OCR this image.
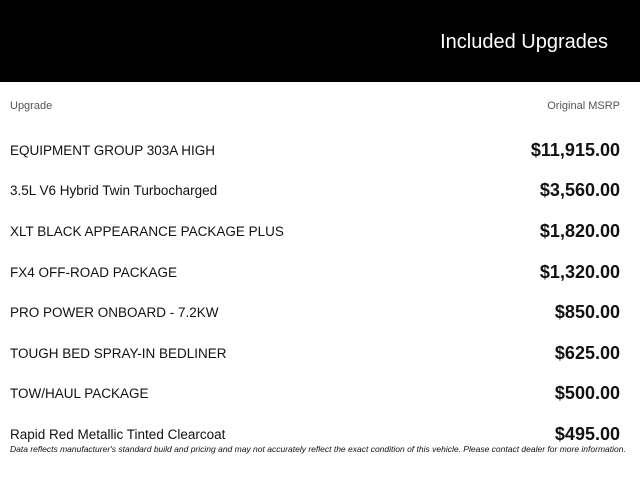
Included Upgrades
Upgrade	Original MSRP
EQUIPMENT GROUP 303A HIGH	$11,915.00
3.5L V6 Hybrid Twin Turbocharged	$3,560.00
XLT BLACK APPEARANCE PACKAGE PLUS	$1,820.00
FX4 OFF-ROAD PACKAGE	$1,320.00
PRO POWER ONBOARD - 7.2KW	$850.00
TOUGH BED SPRAY-IN BEDLINER	$625.00
TOW/HAUL PACKAGE	$500.00
Rapid Red Metallic Tinted Clearcoat	$495.00
Data reflects manufacturer's standard build and pricing and may not accurately reflect the exact condition of this vehicle. Please contact dealer for more information.
